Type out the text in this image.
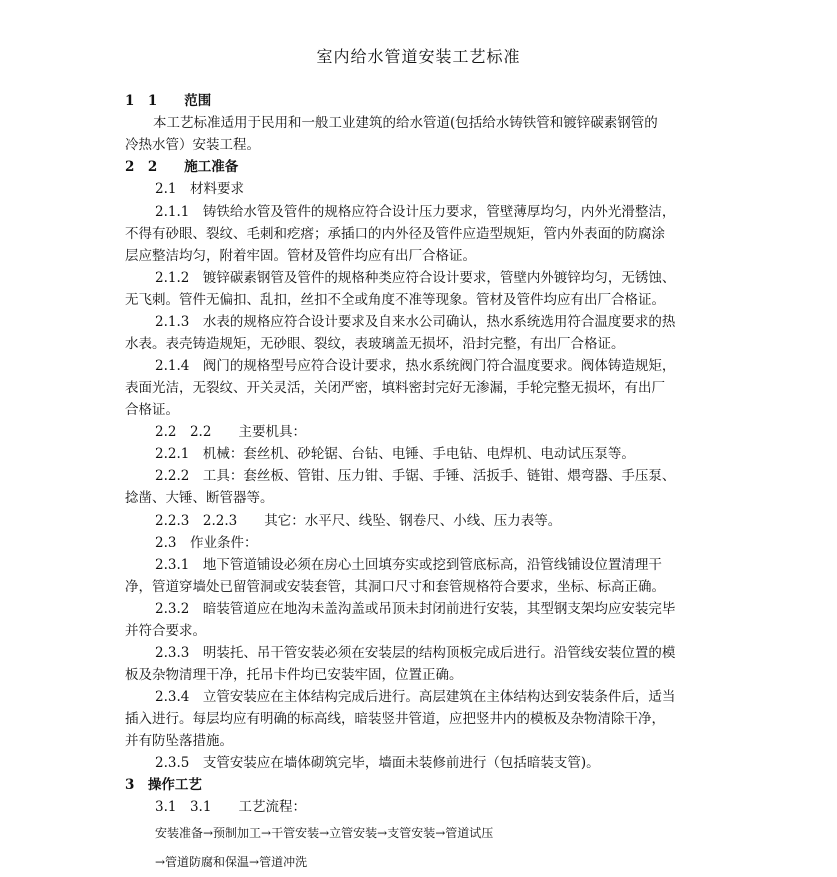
室内给水管道安装工艺标准
1　1　　范围
本工艺标准适用于民用和一般工业建筑的给水管道(包括给水铸铁管和镀锌碳素钢管的
冷热水管）安装工程。
2　2　　施工准备
2.1　材料要求
2.1.1　铸铁给水管及管件的规格应符合设计压力要求，管壁薄厚均匀，内外光滑整洁，
不得有砂眼、裂纹、毛刺和疙瘩；承插口的内外径及管件应造型规矩，管内外表面的防腐涂
层应整洁均匀，附着牢固。管材及管件均应有出厂合格证。
2.1.2　镀锌碳素钢管及管件的规格种类应符合设计要求，管壁内外镀锌均匀，无锈蚀、
无飞刺。管件无偏扣、乱扣，丝扣不全或角度不准等现象。管材及管件均应有出厂合格证。
2.1.3　水表的规格应符合设计要求及自来水公司确认，热水系统选用符合温度要求的热
水表。表壳铸造规矩，无砂眼、裂纹，表玻璃盖无损坏，沿封完整，有出厂合格证。
2.1.4　阀门的规格型号应符合设计要求，热水系统阀门符合温度要求。阀体铸造规矩，
表面光洁，无裂纹、开关灵活，关闭严密，填料密封完好无渗漏，手轮完整无损坏，有出厂
合格证。
2.2　2.2　　主要机具：
2.2.1　机械：套丝机、砂轮锯、台钻、电锤、手电钻、电焊机、电动试压泵等。
2.2.2　工具：套丝板、管钳、压力钳、手锯、手锤、活扳手、链钳、煨弯器、手压泵、
捻凿、大锤、断管器等。
2.2.3　2.2.3　　其它：水平尺、线坠、钢卷尺、小线、压力表等。
2.3　作业条件：
2.3.1　地下管道铺设必须在房心土回填夯实或挖到管底标高，沿管线铺设位置清理干
净，管道穿墙处已留管洞或安装套管，其洞口尺寸和套管规格符合要求，坐标、标高正确。
2.3.2　暗装管道应在地沟未盖沟盖或吊顶未封闭前进行安装，其型钢支架均应安装完毕
并符合要求。
2.3.3　明装托、吊干管安装必须在安装层的结构顶板完成后进行。沿管线安装位置的模
板及杂物清理干净，托吊卡件均已安装牢固，位置正确。
2.3.4　立管安装应在主体结构完成后进行。高层建筑在主体结构达到安装条件后，适当
插入进行。每层均应有明确的标高线，暗装竖井管道，应把竖井内的模板及杂物清除干净，
并有防坠落措施。
2.3.5　支管安装应在墙体砌筑完毕，墙面未装修前进行（包括暗装支管)。
3　操作工艺
3.1　3.1　　工艺流程：
安装准备→预制加工→干管安装→立管安装→支管安装→管道试压
→管道防腐和保温→管道冲洗
